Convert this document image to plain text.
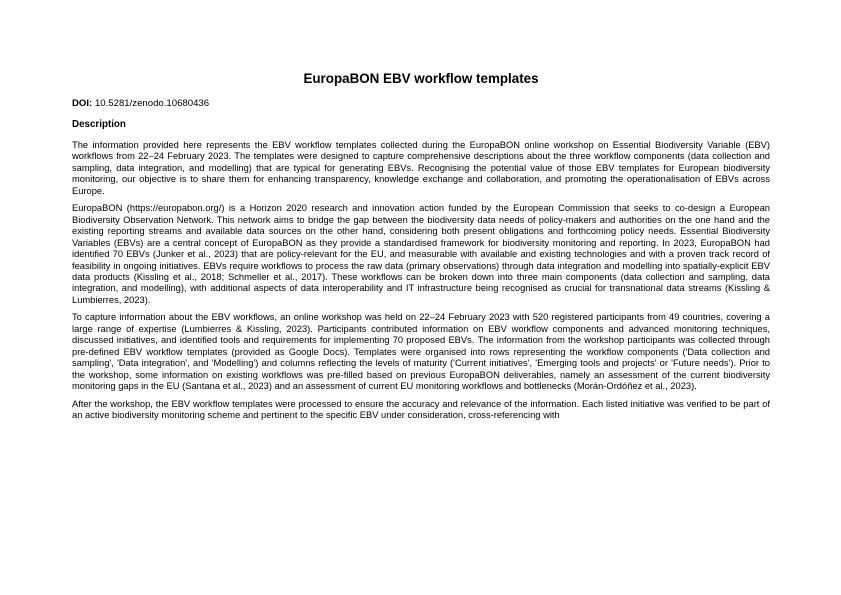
EuropaBON EBV workflow templates
DOI: 10.5281/zenodo.10680436
Description

The information provided here represents the EBV workflow templates collected during the EuropaBON online workshop on Essential Biodiversity Variable (EBV) workflows from 22–24 February 2023. The templates were designed to capture comprehensive descriptions about the three workflow components (data collection and sampling, data integration, and modelling) that are typical for generating EBVs. Recognising the potential value of those EBV templates for European biodiversity monitoring, our objective is to share them for enhancing transparency, knowledge exchange and collaboration, and promoting the operationalisation of EBVs across Europe.

EuropaBON (https://europabon.org/) is a Horizon 2020 research and innovation action funded by the European Commission that seeks to co-design a European Biodiversity Observation Network. This network aims to bridge the gap between the biodiversity data needs of policy-makers and authorities on the one hand and the existing reporting streams and available data sources on the other hand, considering both present obligations and forthcoming policy needs. Essential Biodiversity Variables (EBVs) are a central concept of EuropaBON as they provide a standardised framework for biodiversity monitoring and reporting. In 2023, EuropaBON had identified 70 EBVs (Junker et al., 2023) that are policy-relevant for the EU, and measurable with available and existing technologies and with a proven track record of feasibility in ongoing initiatives. EBVs require workflows to process the raw data (primary observations) through data integration and modelling into spatially-explicit EBV data products (Kissling et al., 2018; Schmeller et al., 2017). These workflows can be broken down into three main components (data collection and sampling, data integration, and modelling), with additional aspects of data interoperability and IT infrastructure being recognised as crucial for transnational data streams (Kissling & Lumbierres, 2023).

To capture information about the EBV workflows, an online workshop was held on 22–24 February 2023 with 520 registered participants from 49 countries, covering a large range of expertise (Lumbierres & Kissling, 2023). Participants contributed information on EBV workflow components and advanced monitoring techniques, discussed initiatives, and identified tools and requirements for implementing 70 proposed EBVs. The information from the workshop participants was collected through pre-defined EBV workflow templates (provided as Google Docs). Templates were organised into rows representing the workflow components ('Data collection and sampling', 'Data integration', and 'Modelling') and columns reflecting the levels of maturity ('Current initiatives', 'Emerging tools and projects' or 'Future needs'). Prior to the workshop, some information on existing workflows was pre-filled based on previous EuropaBON deliverables, namely an assessment of the current biodiversity monitoring gaps in the EU (Santana et al., 2023) and an assessment of current EU monitoring workflows and bottlenecks (Morán-Ordóñez et al., 2023).

After the workshop, the EBV workflow templates were processed to ensure the accuracy and relevance of the information. Each listed initiative was verified to be part of an active biodiversity monitoring scheme and pertinent to the specific EBV under consideration, cross-referencing with
